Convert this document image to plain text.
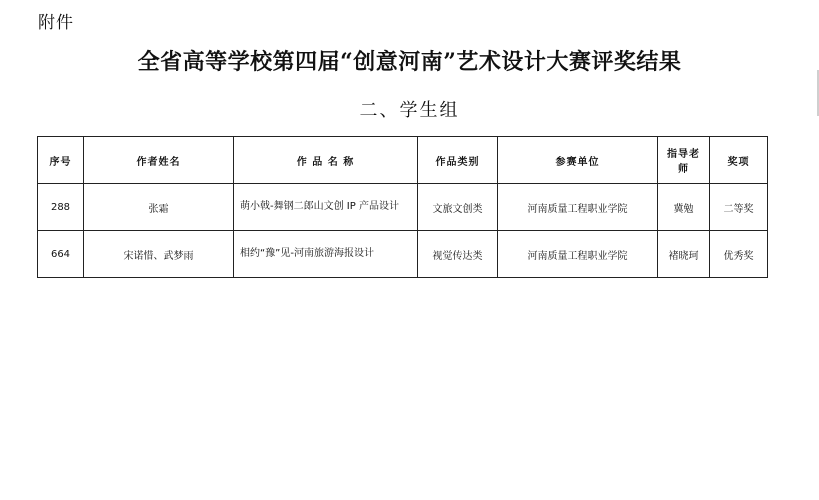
附件
全省高等学校第四届“创意河南”艺术设计大赛评奖结果
二、学生组
序号	作者姓名	作 品 名 称	作品类别	参赛单位	指导老师	奖项
288	张霜	萌小戟-舞钢二郎山文创 IP 产品设计	文旅文创类	河南质量工程职业学院	冀勉	二等奖
664	宋诺惜、武梦雨	相约“豫”见-河南旅游海报设计	视觉传达类	河南质量工程职业学院	褚晓珂	优秀奖
